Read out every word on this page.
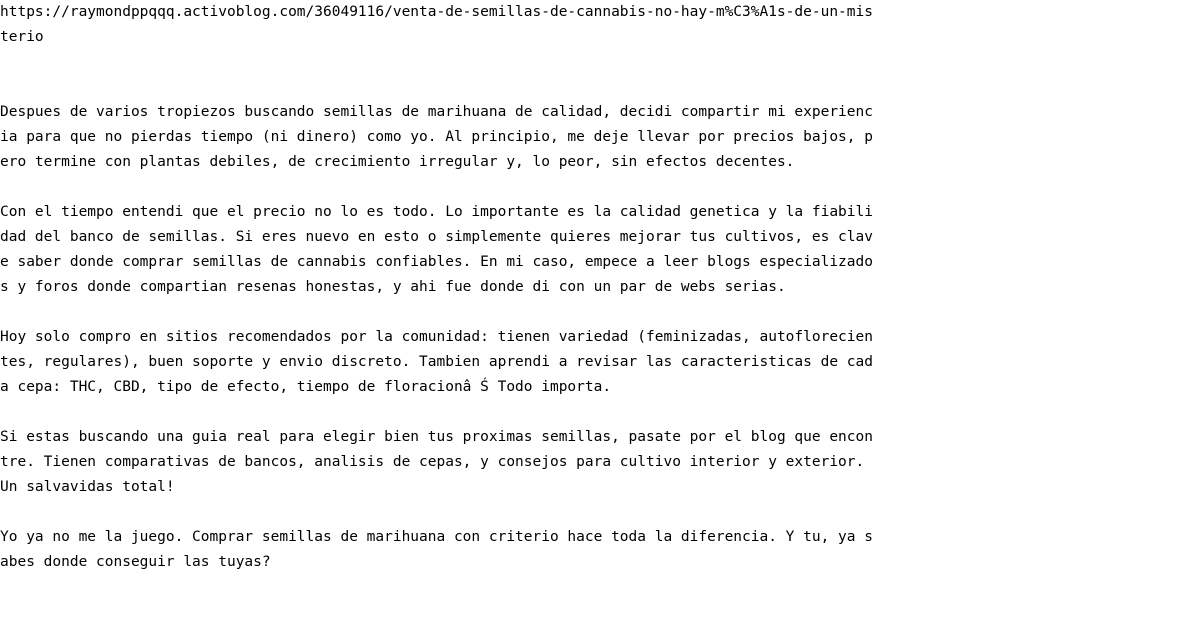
https://raymondppqqq.activoblog.com/36049116/venta-de-semillas-de-cannabis-no-hay-m%C3%A1s-de-un-mis
terio
Despues de varios tropiezos buscando semillas de marihuana de calidad, decidi compartir mi experienc
ia para que no pierdas tiempo (ni dinero) como yo. Al principio, me deje llevar por precios bajos, p
ero termine con plantas debiles, de crecimiento irregular y, lo peor, sin efectos decentes.
Con el tiempo entendi que el precio no lo es todo. Lo importante es la calidad genetica y la fiabili
dad del banco de semillas. Si eres nuevo en esto o simplemente quieres mejorar tus cultivos, es clav
e saber donde comprar semillas de cannabis confiables. En mi caso, empece a leer blogs especializado
s y foros donde compartian resenas honestas, y ahi fue donde di con un par de webs serias.
Hoy solo compro en sitios recomendados por la comunidad: tienen variedad (feminizadas, autoflorecien
tes, regulares), buen soporte y envio discreto. Tambien aprendi a revisar las caracteristicas de cad
a cepa: THC, CBD, tipo de efecto, tiempo de floracionâ Ś Todo importa.
Si estas buscando una guia real para elegir bien tus proximas semillas, pasate por el blog que encon
tre. Tienen comparativas de bancos, analisis de cepas, y consejos para cultivo interior y exterior.
Un salvavidas total!
Yo ya no me la juego. Comprar semillas de marihuana con criterio hace toda la diferencia. Y tu, ya s
abes donde conseguir las tuyas?
